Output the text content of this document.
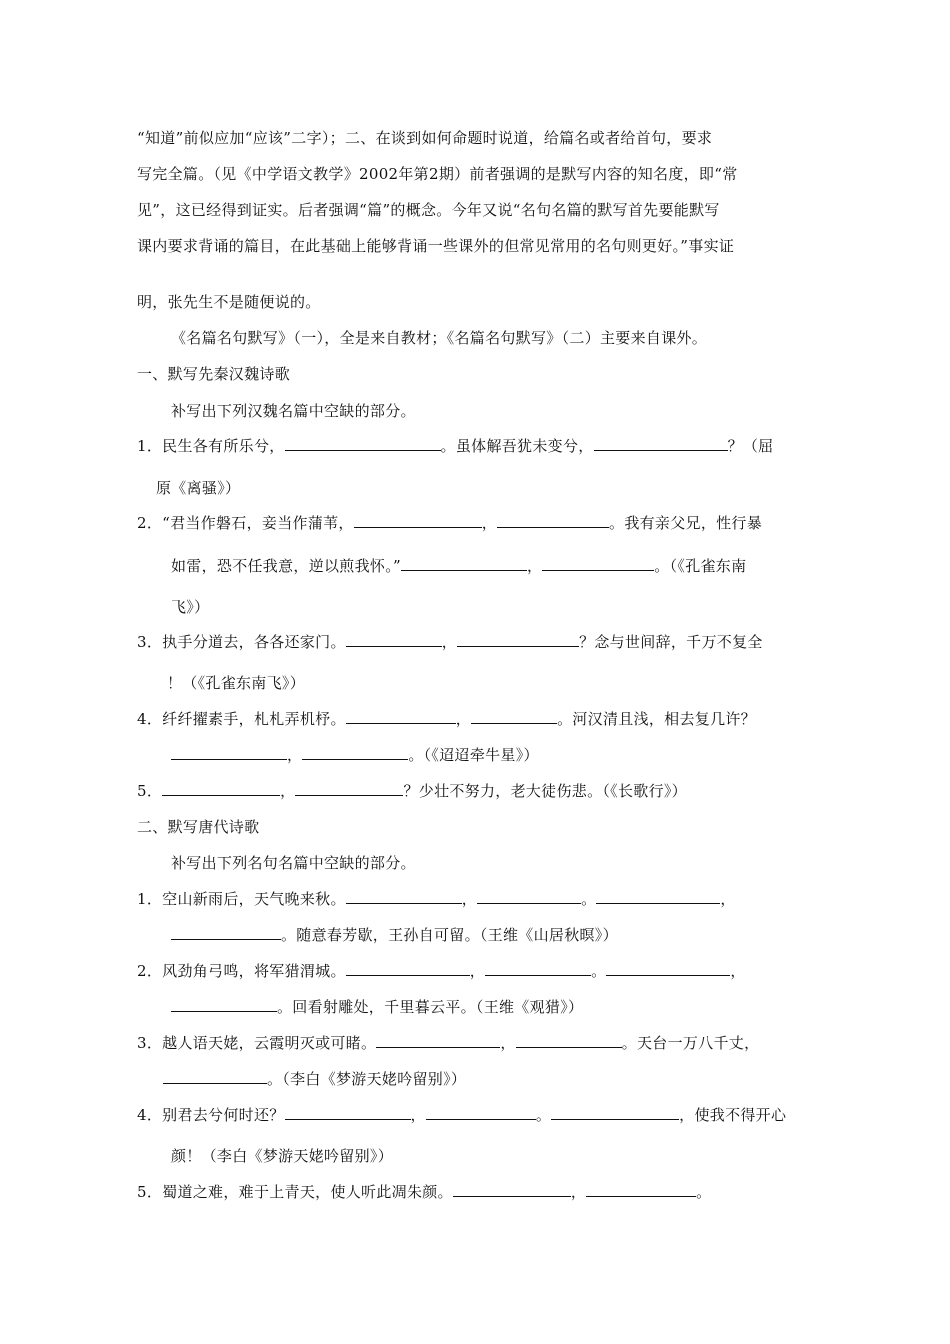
“知道”前似应加“应该”二字）；二、在谈到如何命题时说道，给篇名或者给首句，要求
写完全篇。（见《中学语文教学》2002年第2期）前者强调的是默写内容的知名度，即“常
见”，这已经得到证实。后者强调“篇”的概念。今年又说“名句名篇的默写首先要能默写
课内要求背诵的篇目，在此基础上能够背诵一些课外的但常见常用的名句则更好。”事实证
明，张先生不是随便说的。
《名篇名句默写》（一），全是来自教材；《名篇名句默写》（二）主要来自课外。
一、默写先秦汉魏诗歌
补写出下列汉魏名篇中空缺的部分。
1．民生各有所乐兮，	。虽体解吾犹未变兮，	？（屈
原《离骚》）
2．“君当作磐石，妾当作蒲苇，	，	。我有亲父兄，性行暴
如雷，恐不任我意，逆以煎我怀。”	，	。（《孔雀东南
飞》）
3．执手分道去，各各还家门。	，	？念与世间辞，千万不复全
！（《孔雀东南飞》）
4．纤纤擢素手，札札弄机杼。	，	。河汉清且浅，相去复几许？
，	。（《迢迢牵牛星》）
5．	，	？少壮不努力，老大徒伤悲。（《长歌行》）
二、默写唐代诗歌
补写出下列名句名篇中空缺的部分。
1．空山新雨后，天气晚来秋。	，	。	，
。随意春芳歇，王孙自可留。（王维《山居秋暝》）
2．风劲角弓鸣，将军猎渭城。	，	。	，
。回看射雕处，千里暮云平。（王维《观猎》）
3．越人语天姥，云霞明灭或可睹。	，	。天台一万八千丈，
。（李白《梦游天姥吟留别》）
4．别君去兮何时还？	，	。	，使我不得开心
颜！（李白《梦游天姥吟留别》）
5．蜀道之难，难于上青天，使人听此凋朱颜。	，	。
